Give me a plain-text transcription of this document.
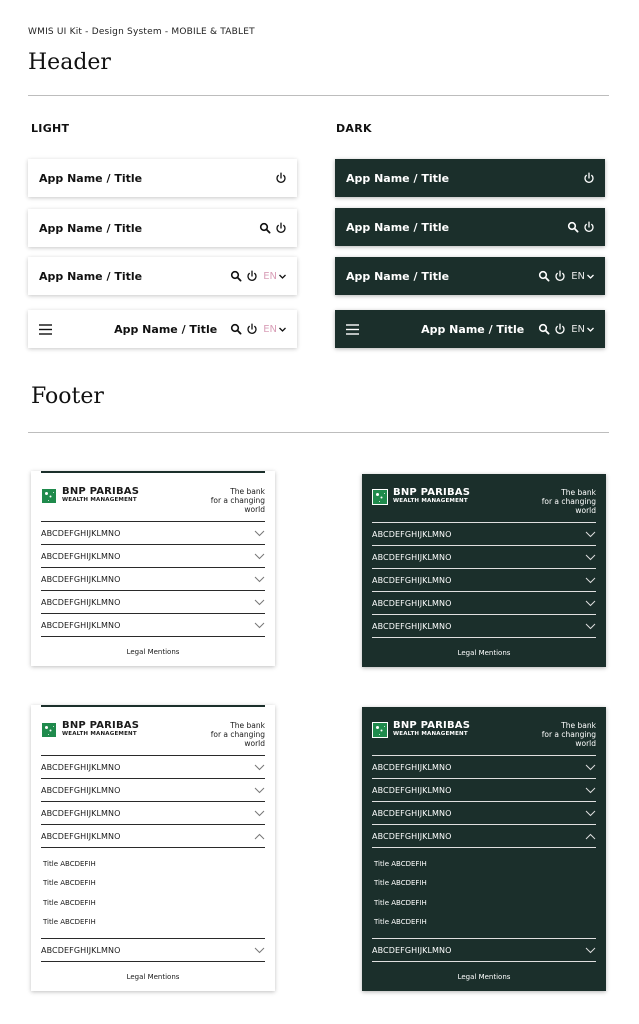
WMIS UI Kit - Design System - MOBILE & TABLET
Header
LIGHT	DARK
App Name / Title
App Name / Title
App Name / Title	EN
App Name / Title	EN
App Name / Title
App Name / Title
App Name / Title	EN
App Name / Title	EN
Footer
BNP PARIBAS
WEALTH MANAGEMENT
The bank
for a changing
world
ABCDEFGHIJKLMNO
ABCDEFGHIJKLMNO
ABCDEFGHIJKLMNO
ABCDEFGHIJKLMNO
ABCDEFGHIJKLMNO
Legal Mentions
BNP PARIBAS
WEALTH MANAGEMENT
The bank
for a changing
world
ABCDEFGHIJKLMNO
ABCDEFGHIJKLMNO
ABCDEFGHIJKLMNO
ABCDEFGHIJKLMNO
ABCDEFGHIJKLMNO
Legal Mentions
BNP PARIBAS
WEALTH MANAGEMENT
The bank
for a changing
world
ABCDEFGHIJKLMNO
ABCDEFGHIJKLMNO
ABCDEFGHIJKLMNO
ABCDEFGHIJKLMNO
Title ABCDEFIH
Title ABCDEFIH
Title ABCDEFIH
Title ABCDEFIH
ABCDEFGHIJKLMNO
Legal Mentions
BNP PARIBAS
WEALTH MANAGEMENT
The bank
for a changing
world
ABCDEFGHIJKLMNO
ABCDEFGHIJKLMNO
ABCDEFGHIJKLMNO
ABCDEFGHIJKLMNO
Title ABCDEFIH
Title ABCDEFIH
Title ABCDEFIH
Title ABCDEFIH
ABCDEFGHIJKLMNO
Legal Mentions
